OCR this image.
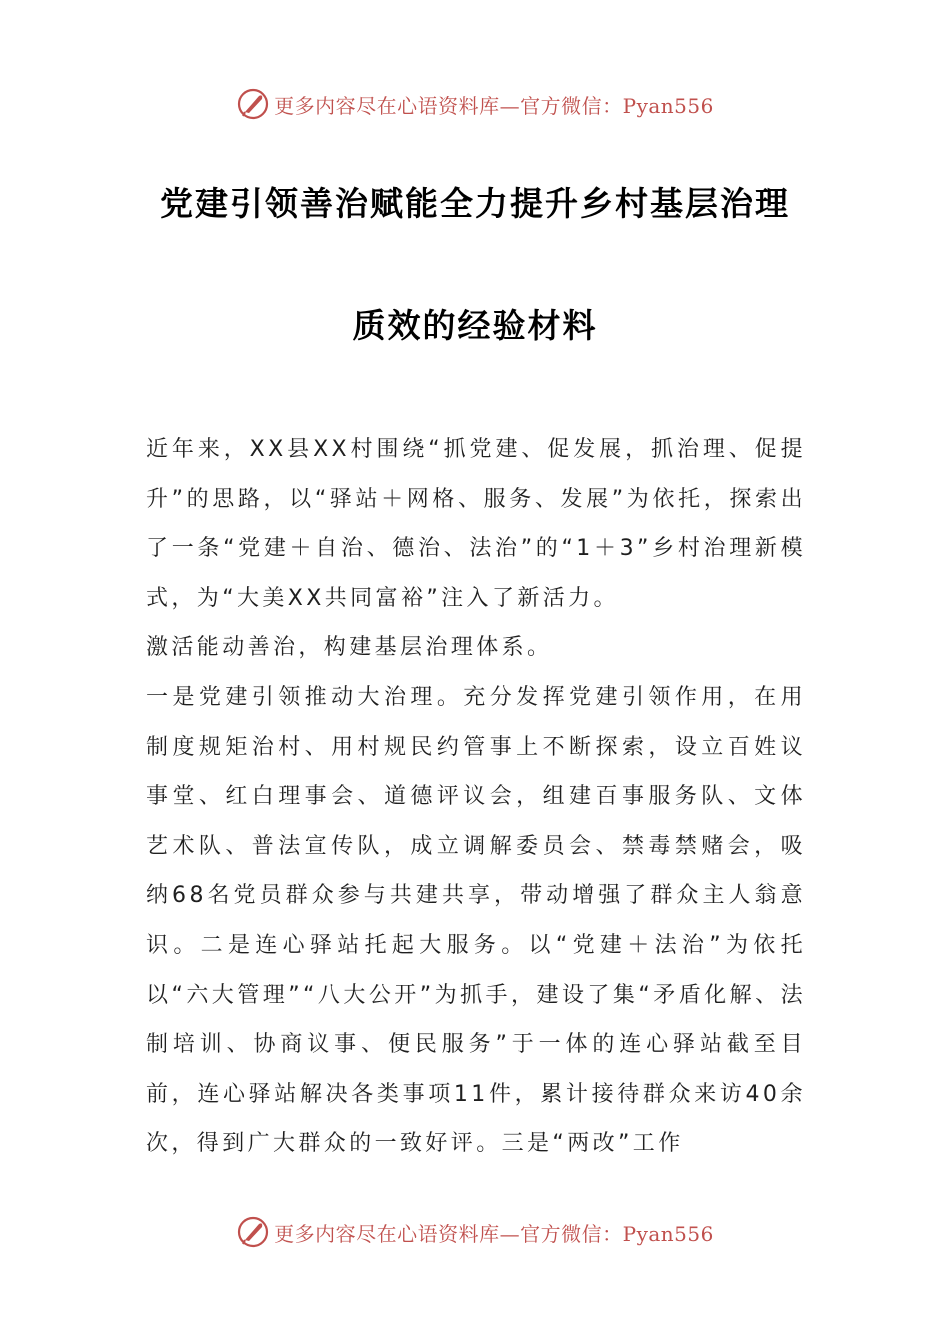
更多内容尽在心语资料库—官方微信：Pyan556
党建引领善治赋能全力提升乡村基层治理
质效的经验材料

近年来，XX县XX村围绕“抓党建、促发展，抓治理、促提升”的思路，以“驿站＋网格、服务、发展”为依托，探索出了一条“党建＋自治、德治、法治”的“1＋3”乡村治理新模式，为“大美XX共同富裕”注入了新活力。

激活能动善治，构建基层治理体系。

一是党建引领推动大治理。充分发挥党建引领作用，在用制度规矩治村、用村规民约管事上不断探索，设立百姓议事堂、红白理事会、道德评议会，组建百事服务队、文体艺术队、普法宣传队，成立调解委员会、禁毒禁赌会，吸纳68名党员群众参与共建共享，带动增强了群众主人翁意识。二是连心驿站托起大服务。以“党建＋法治”为依托以“六大管理”“八大公开”为抓手，建设了集“矛盾化解、法制培训、协商议事、便民服务”于一体的连心驿站截至目前，连心驿站解决各类事项11件，累计接待群众来访40余次，得到广大群众的一致好评。三是“两改”工作

更多内容尽在心语资料库—官方微信：Pyan556
